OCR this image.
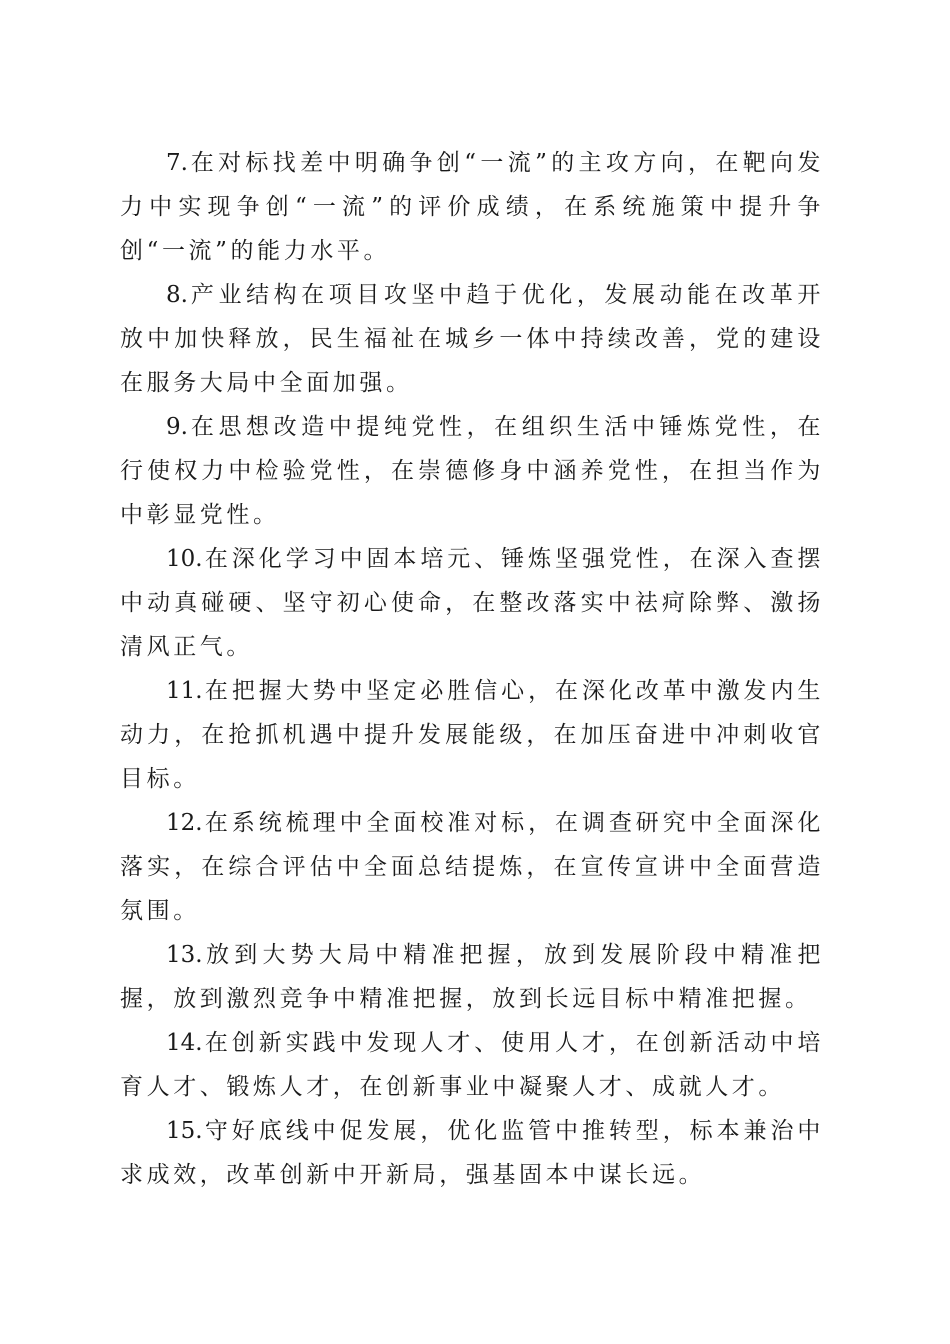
7.在对标找差中明确争创“一流”的主攻方向，在靶向发力中实现争创“一流”的评价成绩，在系统施策中提升争创“一流”的能力水平。

8.产业结构在项目攻坚中趋于优化，发展动能在改革开放中加快释放，民生福祉在城乡一体中持续改善，党的建设在服务大局中全面加强。

9.在思想改造中提纯党性，在组织生活中锤炼党性，在行使权力中检验党性，在崇德修身中涵养党性，在担当作为中彰显党性。

10.在深化学习中固本培元、锤炼坚强党性，在深入查摆中动真碰硬、坚守初心使命，在整改落实中祛疴除弊、激扬清风正气。

11.在把握大势中坚定必胜信心，在深化改革中激发内生动力，在抢抓机遇中提升发展能级，在加压奋进中冲刺收官目标。

12.在系统梳理中全面校准对标，在调查研究中全面深化落实，在综合评估中全面总结提炼，在宣传宣讲中全面营造氛围。

13.放到大势大局中精准把握，放到发展阶段中精准把握，放到激烈竞争中精准把握，放到长远目标中精准把握。

14.在创新实践中发现人才、使用人才，在创新活动中培育人才、锻炼人才，在创新事业中凝聚人才、成就人才。

15.守好底线中促发展，优化监管中推转型，标本兼治中求成效，改革创新中开新局，强基固本中谋长远。
